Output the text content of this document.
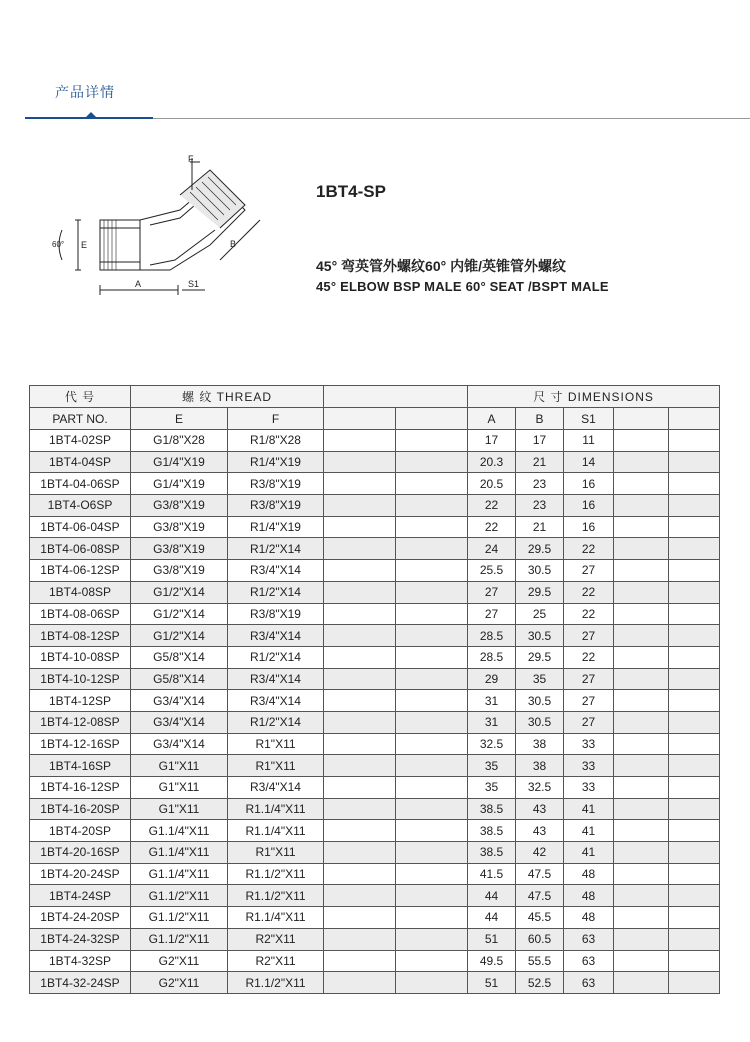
产品详情
F
E
A
B
S1
60°
1BT4-SP
45° 弯英管外螺纹60° 内锥/英锥管外螺纹
45° ELBOW BSP MALE 60° SEAT /BSPT MALE
代 号	螺 纹 THREAD				尺 寸 DIMENSIONS				
PART NO.	E	F			A	B	S1		
1BT4-02SP	G1/8"X28	R1/8"X28			17	17	11		
1BT4-04SP	G1/4"X19	R1/4"X19			20.3	21	14		
1BT4-04-06SP	G1/4"X19	R3/8"X19			20.5	23	16		
1BT4-O6SP	G3/8"X19	R3/8"X19			22	23	16		
1BT4-06-04SP	G3/8"X19	R1/4"X19			22	21	16		
1BT4-06-08SP	G3/8"X19	R1/2"X14			24	29.5	22		
1BT4-06-12SP	G3/8"X19	R3/4"X14			25.5	30.5	27		
1BT4-08SP	G1/2"X14	R1/2"X14			27	29.5	22		
1BT4-08-06SP	G1/2"X14	R3/8"X19			27	25	22		
1BT4-08-12SP	G1/2"X14	R3/4"X14			28.5	30.5	27		
1BT4-10-08SP	G5/8"X14	R1/2"X14			28.5	29.5	22		
1BT4-10-12SP	G5/8"X14	R3/4"X14			29	35	27		
1BT4-12SP	G3/4"X14	R3/4"X14			31	30.5	27		
1BT4-12-08SP	G3/4"X14	R1/2"X14			31	30.5	27		
1BT4-12-16SP	G3/4"X14	R1"X11			32.5	38	33		
1BT4-16SP	G1"X11	R1"X11			35	38	33		
1BT4-16-12SP	G1"X11	R3/4"X14			35	32.5	33		
1BT4-16-20SP	G1"X11	R1.1/4"X11			38.5	43	41		
1BT4-20SP	G1.1/4"X11	R1.1/4"X11			38.5	43	41		
1BT4-20-16SP	G1.1/4"X11	R1"X11			38.5	42	41		
1BT4-20-24SP	G1.1/4"X11	R1.1/2"X11			41.5	47.5	48		
1BT4-24SP	G1.1/2"X11	R1.1/2"X11			44	47.5	48		
1BT4-24-20SP	G1.1/2"X11	R1.1/4"X11			44	45.5	48		
1BT4-24-32SP	G1.1/2"X11	R2"X11			51	60.5	63		
1BT4-32SP	G2"X11	R2"X11			49.5	55.5	63		
1BT4-32-24SP	G2"X11	R1.1/2"X11			51	52.5	63		
